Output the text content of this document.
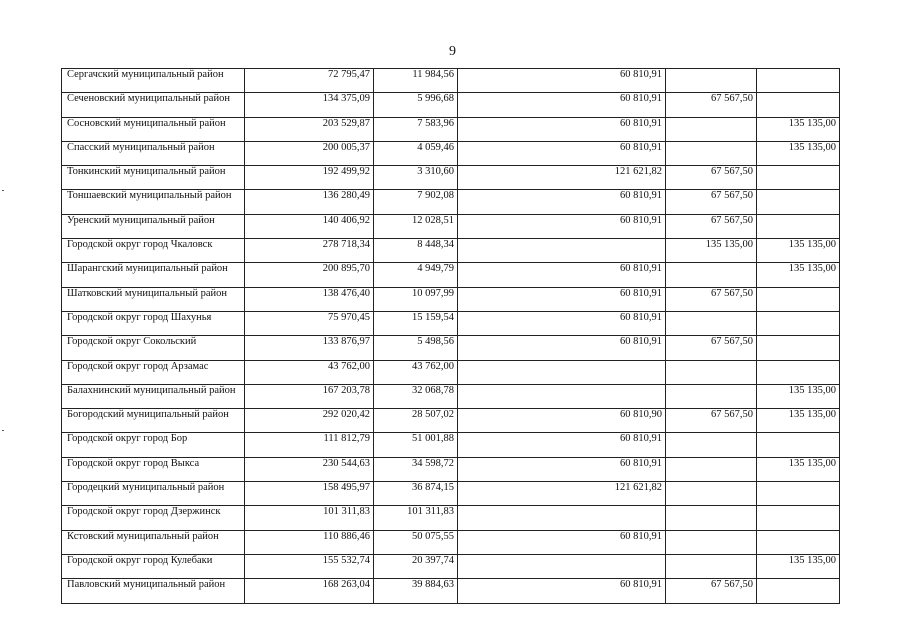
9
Сергачский муниципальный район	72 795,47	11 984,56	60 810,91		
Сеченовский муниципальный район	134 375,09	5 996,68	60 810,91	67 567,50	
Сосновский муниципальный район	203 529,87	7 583,96	60 810,91		135 135,00
Спасский муниципальный район	200 005,37	4 059,46	60 810,91		135 135,00
Тонкинский муниципальный район	192 499,92	3 310,60	121 621,82	67 567,50	
Тоншаевский муниципальный район	136 280,49	7 902,08	60 810,91	67 567,50	
Уренский муниципальный район	140 406,92	12 028,51	60 810,91	67 567,50	
Городской округ город Чкаловск	278 718,34	8 448,34		135 135,00	135 135,00
Шарангский муниципальный район	200 895,70	4 949,79	60 810,91		135 135,00
Шатковский муниципальный район	138 476,40	10 097,99	60 810,91	67 567,50	
Городской округ город Шахунья	75 970,45	15 159,54	60 810,91		
Городской округ Сокольский	133 876,97	5 498,56	60 810,91	67 567,50	
Городской округ город Арзамас	43 762,00	43 762,00			
Балахнинский муниципальный район	167 203,78	32 068,78			135 135,00
Богородский муниципальный район	292 020,42	28 507,02	60 810,90	67 567,50	135 135,00
Городской округ город Бор	111 812,79	51 001,88	60 810,91		
Городской округ город Выкса	230 544,63	34 598,72	60 810,91		135 135,00
Городецкий муниципальный район	158 495,97	36 874,15	121 621,82		
Городской округ город Дзержинск	101 311,83	101 311,83			
Кстовский муниципальный район	110 886,46	50 075,55	60 810,91		
Городской округ город Кулебаки	155 532,74	20 397,74			135 135,00
Павловский муниципальный район	168 263,04	39 884,63	60 810,91	67 567,50	
